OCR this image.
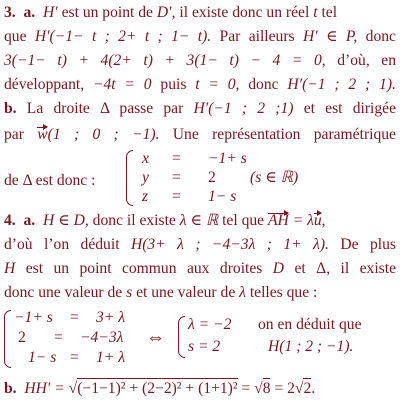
3. a. H′ est un point de D′, il existe donc un réel t tel
que H′(−1− t ; 2+ t ; 1− t). Par ailleurs H′ ∈ P, donc
3(−1− t) + 4(2+ t) + 3(1− t) − 4 = 0, d’où, en
développant, −4t = 0 puis t = 0, donc H′(−1 ; 2 ; 1).
b. La droite Δ passe par H′(−1 ; 2 ;1) et est dirigée
par w(1 ; 0 ; −1). Une représentation paramétrique
de Δ est donc :
x = −1+ s
y = 2 (s ∈ ℝ)
z = 1− s
4. a. H ∈ D, donc il existe λ ∈ ℝ tel que AH = λu,
d’où l’on déduit H(3+ λ ; −4−3λ ; 1+ λ). De plus
H est un point commun aux droites D et Δ, il existe
donc une valeur de s et une valeur de λ telles que :
−1+ s = 3+ λ
2 = −4−3λ
1− s = 1+ λ
⇔
λ = −2
s = 2
on en déduit que
H(1 ; 2 ; −1).
b. HH′ = √(−1−1)² + (2−2)² + (1+1)² = √8 = 2√2.
